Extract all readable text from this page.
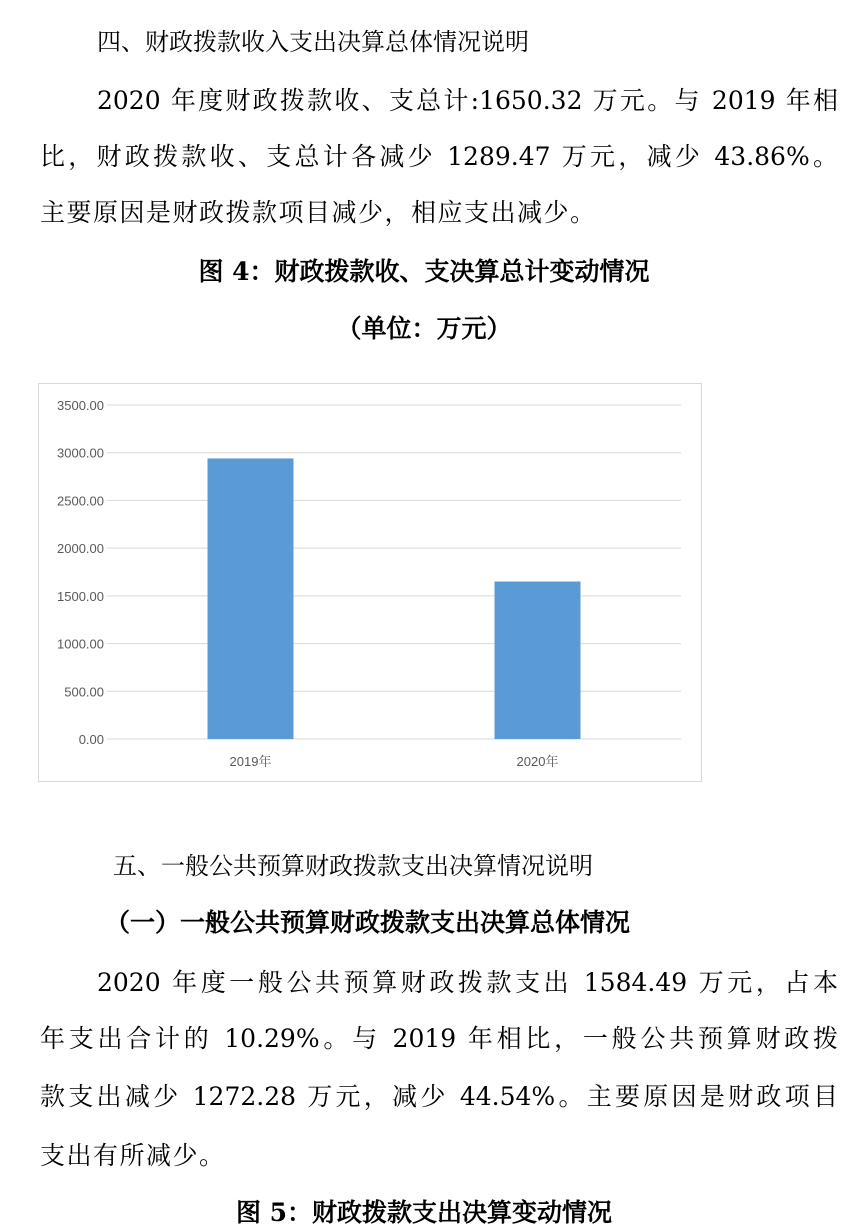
四、财政拨款收入支出决算总体情况说明
2020 年度财政拨款收、支总计:1650.32 万元。与 2019 年相
比，财政拨款收、支总计各减少 1289.47 万元，减少 43.86%。
主要原因是财政拨款项目减少，相应支出减少。
图 4：财政拨款收、支决算总计变动情况
（单位：万元）
0.00
500.00
1000.00
1500.00
2000.00
2500.00
3000.00
3500.00
2019年	2020年
五、一般公共预算财政拨款支出决算情况说明
（一）一般公共预算财政拨款支出决算总体情况
2020 年度一般公共预算财政拨款支出 1584.49 万元，占本
年支出合计的 10.29%。与 2019 年相比，一般公共预算财政拨
款支出减少 1272.28 万元，减少 44.54%。主要原因是财政项目
支出有所减少。
图 5：财政拨款支出决算变动情况
